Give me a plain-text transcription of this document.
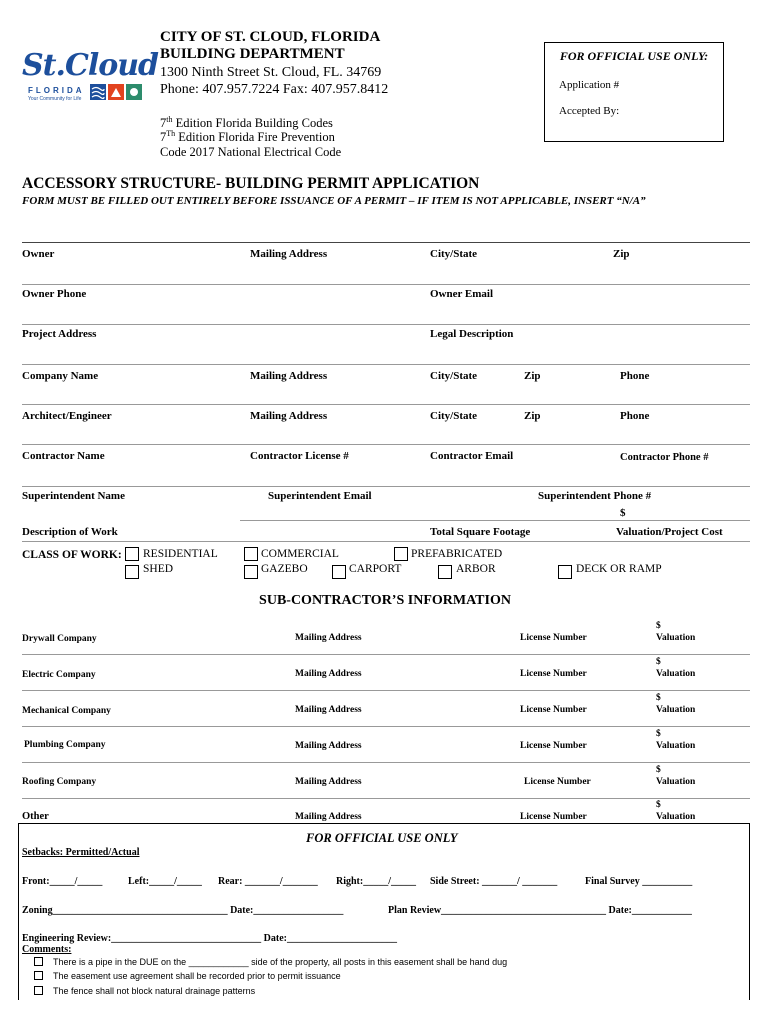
St.Cloud
FLORIDA
Your Community for Life
CITY OF ST. CLOUD, FLORIDA
BUILDING DEPARTMENT
1300 Ninth Street St. Cloud, FL. 34769
Phone: 407.957.7224 Fax: 407.957.8412
7th Edition Florida Building Codes
7Th Edition Florida Fire Prevention
Code 2017 National Electrical Code
FOR OFFICIAL USE ONLY:
Application #
Accepted By:
ACCESSORY STRUCTURE- BUILDING PERMIT APPLICATION
FORM MUST BE FILLED OUT ENTIRELY BEFORE ISSUANCE OF A PERMIT – IF ITEM IS NOT APPLICABLE, INSERT “N/A”
Owner	Mailing Address	City/State	Zip
Owner Phone	Owner Email
Project Address	Legal Description
Company Name	Mailing Address	City/State	Zip	Phone
Architect/Engineer	Mailing Address	City/State	Zip	Phone
Contractor Name	Contractor License #	Contractor Email	Contractor Phone #
Superintendent Name	Superintendent Email	Superintendent Phone #
$
Description of Work	Total Square Footage	Valuation/Project Cost
CLASS OF WORK: RESIDENTIAL	COMMERCIAL	PREFABRICATED
SHED	GAZEBO	CARPORT	ARBOR	DECK OR RAMP
SUB-CONTRACTOR’S INFORMATION
Drywall Company	Mailing Address	License Number
$
Valuation
Electric Company	Mailing Address	License Number
$
Valuation
Mechanical Company	Mailing Address	License Number
$
Valuation
Plumbing Company	Mailing Address	License Number
$
Valuation
Roofing Company	Mailing Address	License Number
$
Valuation
Other	Mailing Address	License Number
$
Valuation
FOR OFFICIAL USE ONLY
Setbacks: Permitted/Actual
Front:_____/_____	Left:_____/_____ Rear: _______/_______ Right:_____/_____ Side Street: _______/ _______	Final Survey __________
Zoning___________________________________ Date:__________________	Plan Review_________________________________ Date:____________
Engineering Review:______________________________ Date:______________________
Comments:
There is a pipe in the DUE on the ____________ side of the property, all posts in this easement shall be hand dug
The easement use agreement shall be recorded prior to permit issuance
The fence shall not block natural drainage patterns
